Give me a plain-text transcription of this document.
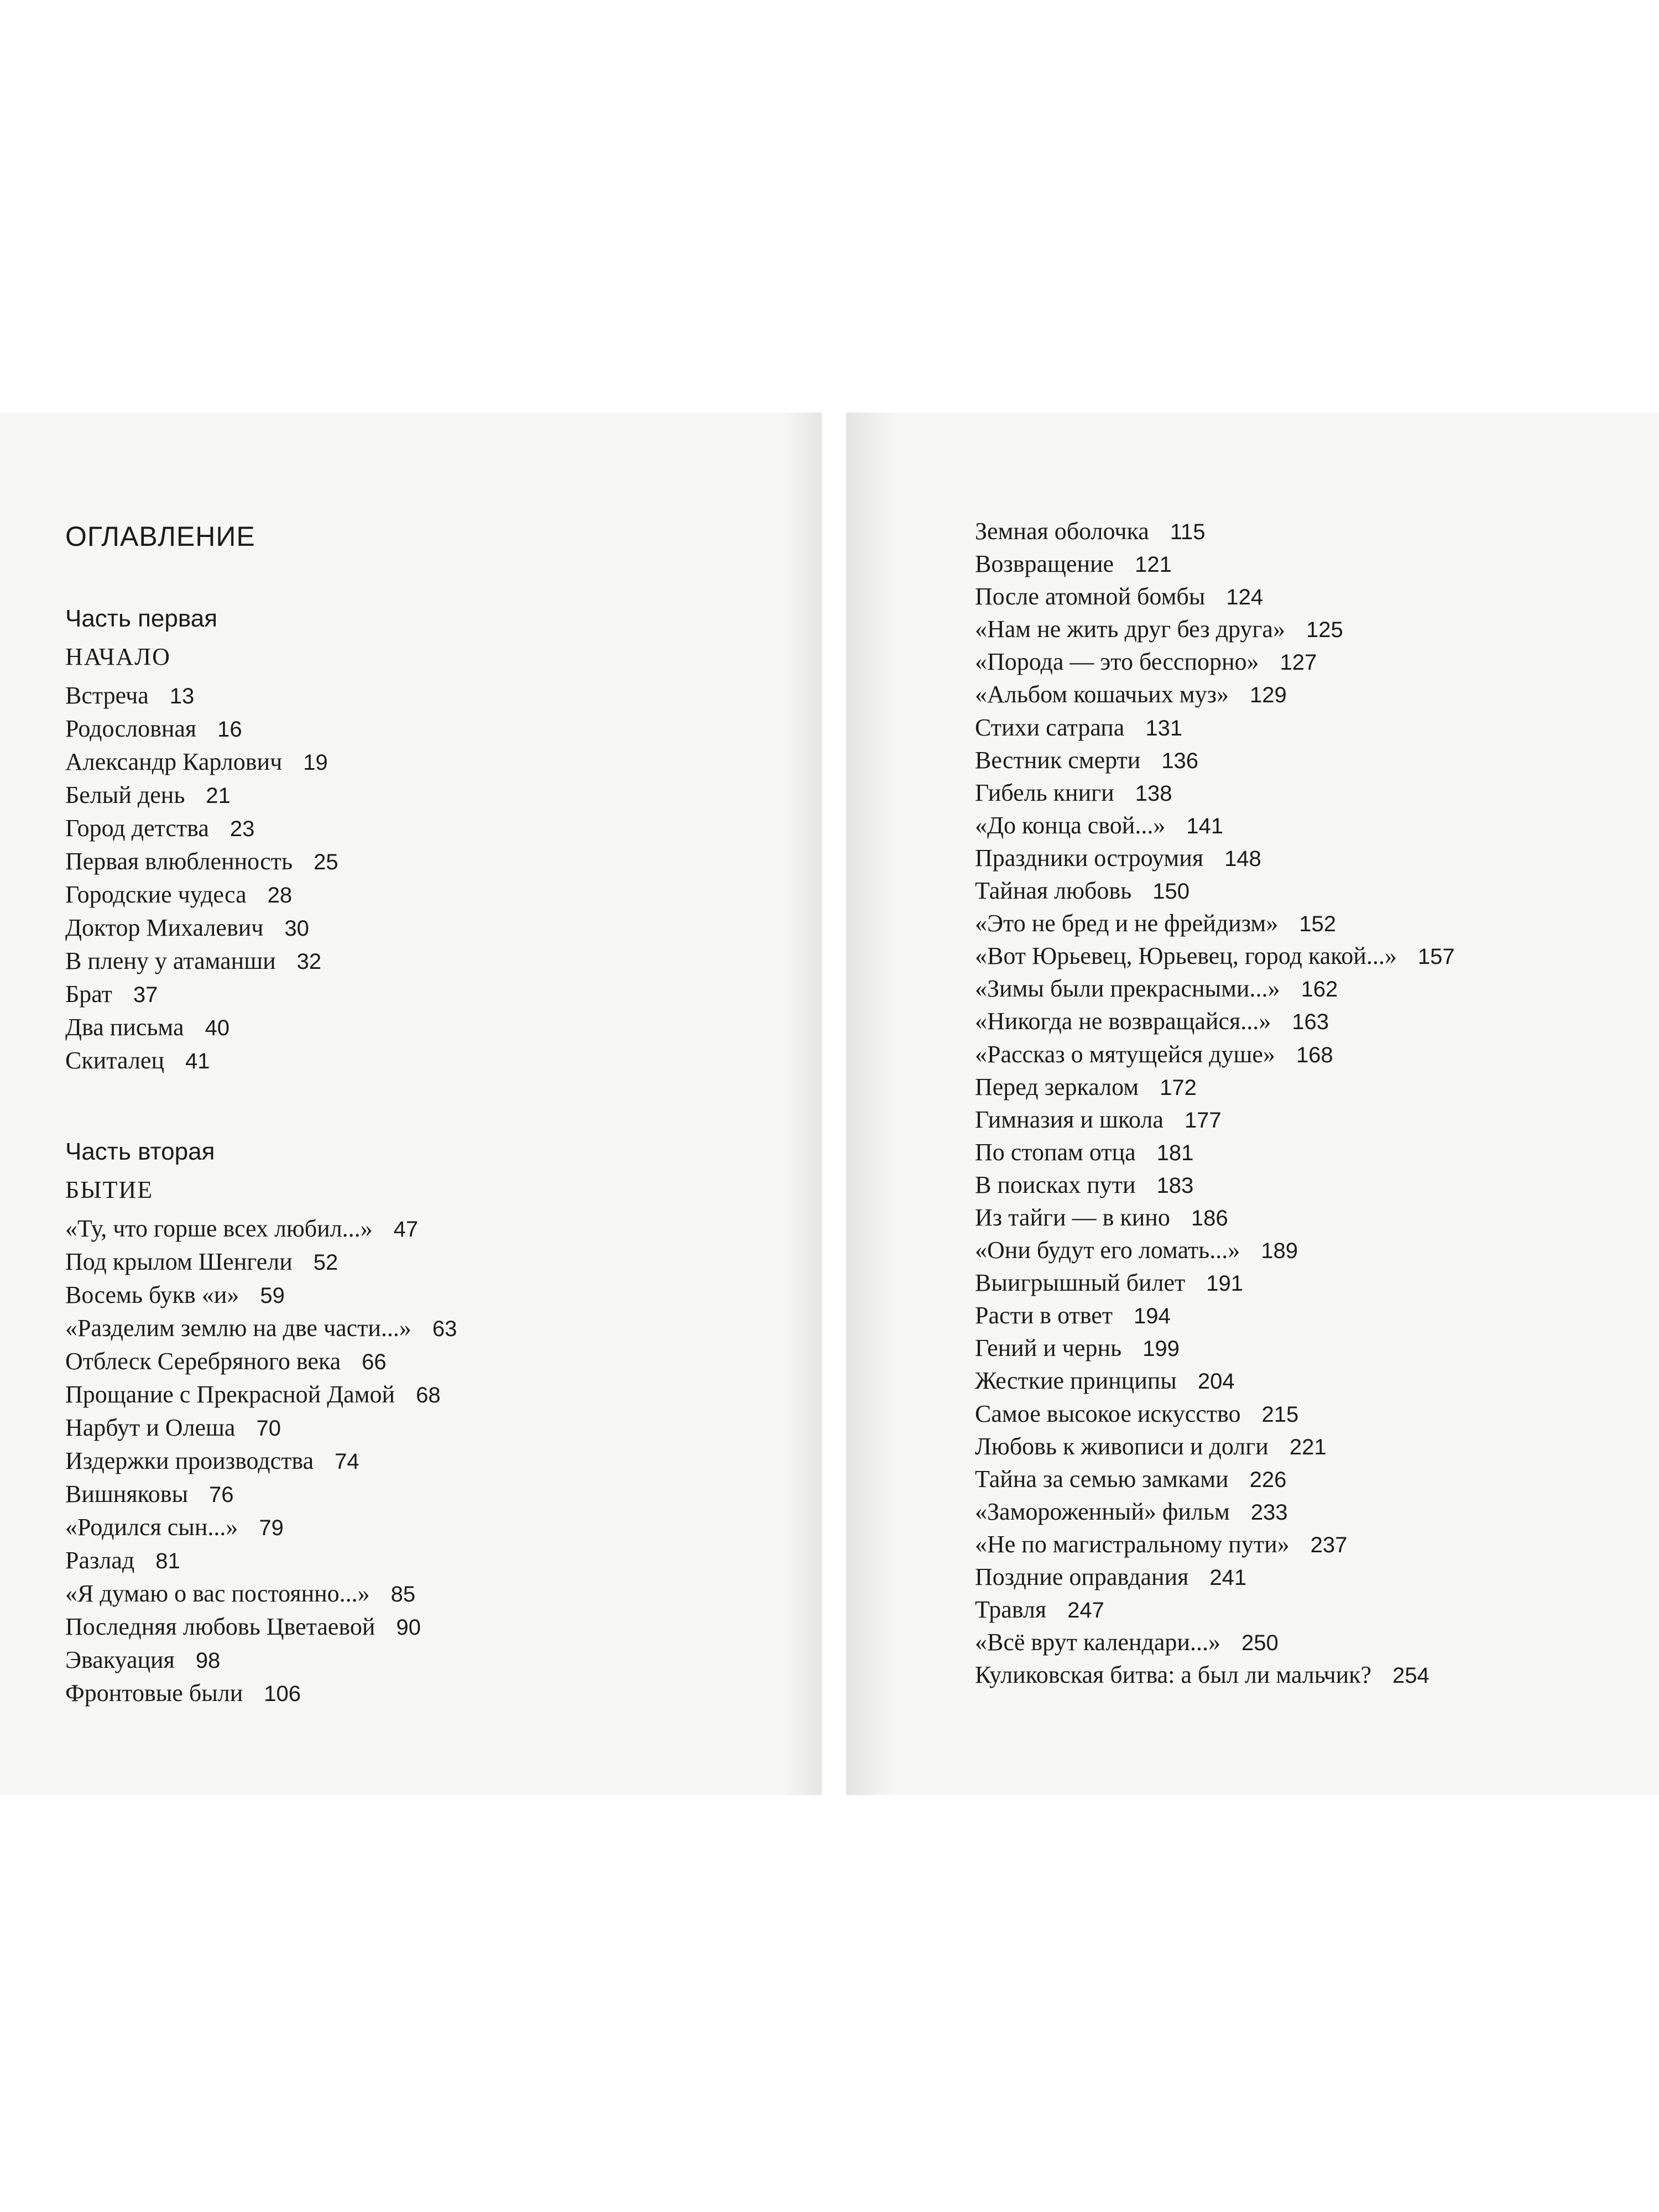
ОГЛАВЛЕНИЕ
Часть первая
НАЧАЛО
Встреча 13
Родословная 16
Александр Карлович 19
Белый день 21
Город детства 23
Первая влюбленность 25
Городские чудеса 28
Доктор Михалевич 30
В плену у атаманши 32
Брат 37
Два письма 40
Скиталец 41
Часть вторая
БЫТИЕ
«Ту, что горше всех любил...» 47
Под крылом Шенгели 52
Восемь букв «и» 59
«Разделим землю на две части...» 63
Отблеск Серебряного века 66
Прощание с Прекрасной Дамой 68
Нарбут и Олеша 70
Издержки производства 74
Вишняковы 76
«Родился сын...» 79
Разлад 81
«Я думаю о вас постоянно...» 85
Последняя любовь Цветаевой 90
Эвакуация 98
Фронтовые были 106
Земная оболочка 115
Возвращение 121
После атомной бомбы 124
«Нам не жить друг без друга» 125
«Порода — это бесспорно» 127
«Альбом кошачьих муз» 129
Стихи сатрапа 131
Вестник смерти 136
Гибель книги 138
«До конца свой...» 141
Праздники остроумия 148
Тайная любовь 150
«Это не бред и не фрейдизм» 152
«Вот Юрьевец, Юрьевец, город какой...» 157
«Зимы были прекрасными...» 162
«Никогда не возвращайся...» 163
«Рассказ о мятущейся душе» 168
Перед зеркалом 172
Гимназия и школа 177
По стопам отца 181
В поисках пути 183
Из тайги — в кино 186
«Они будут его ломать...» 189
Выигрышный билет 191
Расти в ответ 194
Гений и чернь 199
Жесткие принципы 204
Самое высокое искусство 215
Любовь к живописи и долги 221
Тайна за семью замками 226
«Замороженный» фильм 233
«Не по магистральному пути» 237
Поздние оправдания 241
Травля 247
«Всё врут календари...» 250
Куликовская битва: а был ли мальчик? 254
